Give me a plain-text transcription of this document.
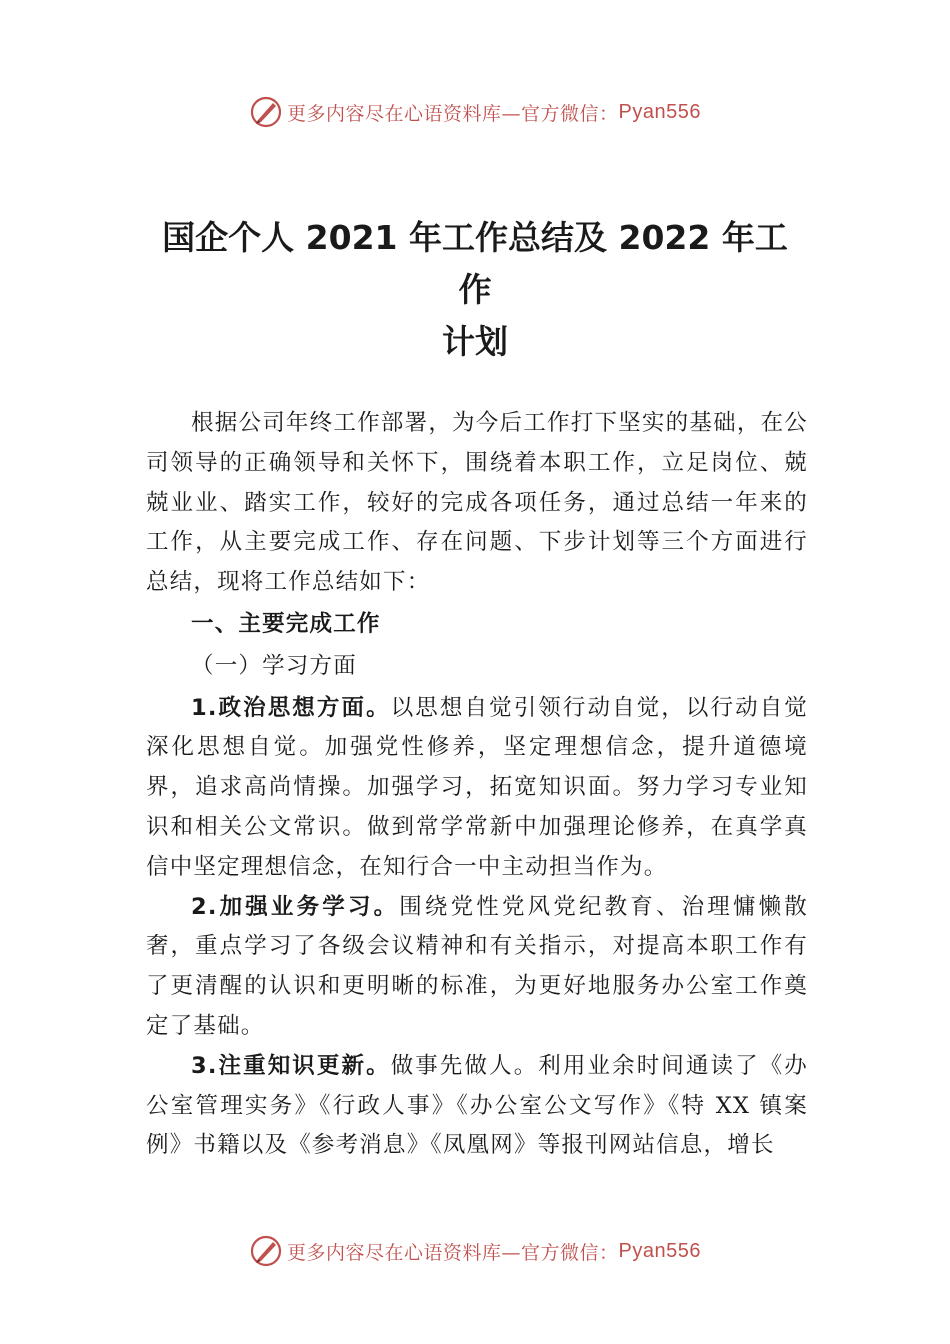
更多内容尽在心语资料库—官方微信： Pyan556
国企个人 2021 年工作总结及 2022 年工
作
计划

根据公司年终工作部署，为今后工作打下坚实的基础，在公司领导的正确领导和关怀下，围绕着本职工作，立足岗位、兢兢业业、踏实工作，较好的完成各项任务，通过总结一年来的工作，从主要完成工作、存在问题、下步计划等三个方面进行总结，现将工作总结如下：

一、主要完成工作

（一）学习方面

1.政治思想方面。以思想自觉引领行动自觉，以行动自觉深化思想自觉。加强党性修养，坚定理想信念，提升道德境界，追求高尚情操。加强学习，拓宽知识面。努力学习专业知识和相关公文常识。做到常学常新中加强理论修养，在真学真信中坚定理想信念，在知行合一中主动担当作为。

2.加强业务学习。围绕党性党风党纪教育、治理慵懒散奢，重点学习了各级会议精神和有关指示，对提高本职工作有了更清醒的认识和更明晰的标准，为更好地服务办公室工作奠定了基础。

3.注重知识更新。做事先做人。利用业余时间通读了《办公室管理实务》《行政人事》《办公室公文写作》《特 XX 镇案例》书籍以及《参考消息》《凤凰网》等报刊网站信息，增长

更多内容尽在心语资料库—官方微信： Pyan556
